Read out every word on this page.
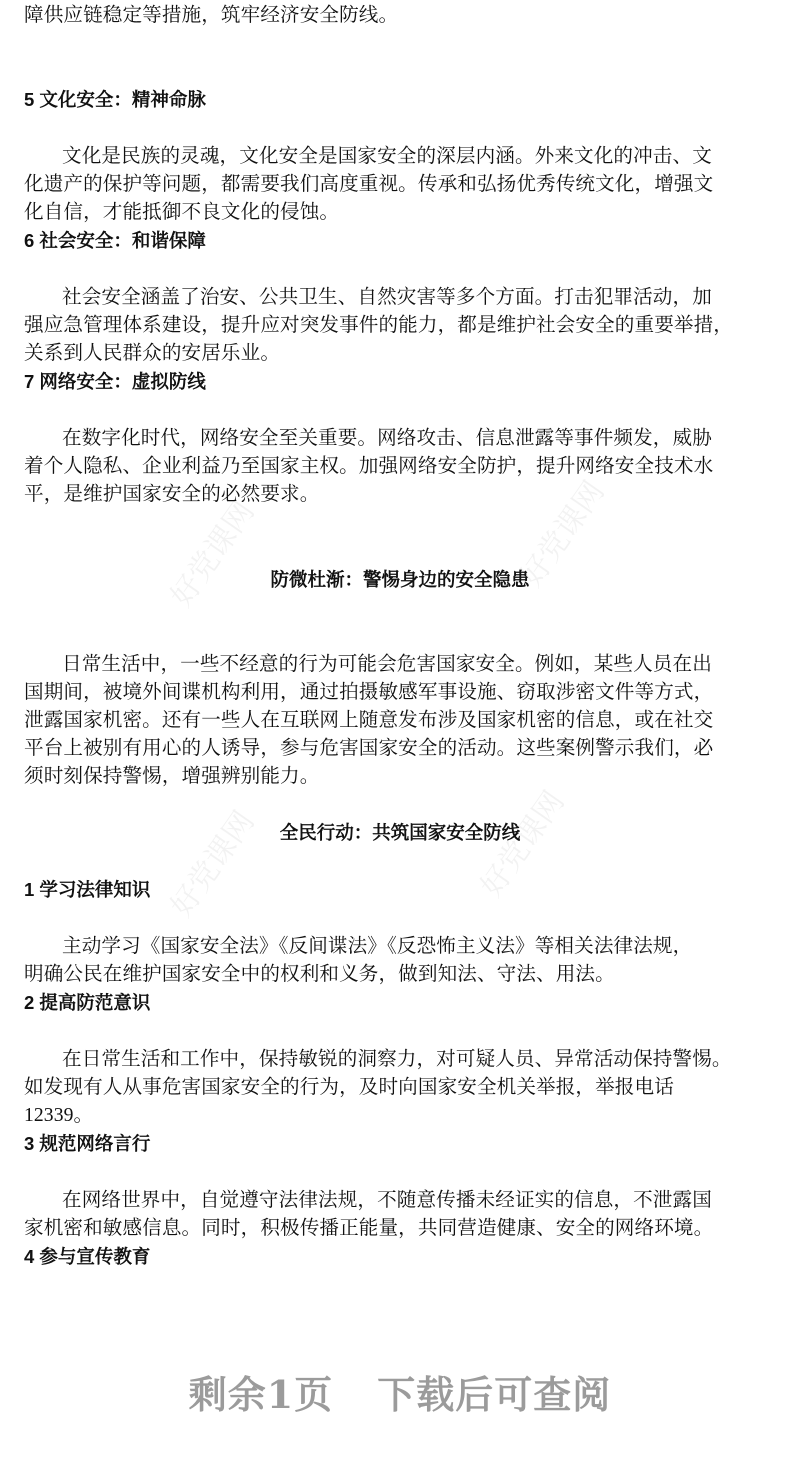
好党课网	好党课网
好党课网	好党课网
障供应链稳定等措施，筑牢经济安全防线。
5 文化安全：精神命脉
文化是民族的灵魂，文化安全是国家安全的深层内涵。外来文化的冲击、文
化遗产的保护等问题，都需要我们高度重视。传承和弘扬优秀传统文化，增强文
化自信，才能抵御不良文化的侵蚀。
6 社会安全：和谐保障
社会安全涵盖了治安、公共卫生、自然灾害等多个方面。打击犯罪活动，加
强应急管理体系建设，提升应对突发事件的能力，都是维护社会安全的重要举措，
关系到人民群众的安居乐业。
7 网络安全：虚拟防线
在数字化时代，网络安全至关重要。网络攻击、信息泄露等事件频发，威胁
着个人隐私、企业利益乃至国家主权。加强网络安全防护，提升网络安全技术水
平，是维护国家安全的必然要求。
防微杜渐：警惕身边的安全隐患
日常生活中，一些不经意的行为可能会危害国家安全。例如，某些人员在出
国期间，被境外间谍机构利用，通过拍摄敏感军事设施、窃取涉密文件等方式，
泄露国家机密。还有一些人在互联网上随意发布涉及国家机密的信息，或在社交
平台上被别有用心的人诱导，参与危害国家安全的活动。这些案例警示我们，必
须时刻保持警惕，增强辨别能力。
全民行动：共筑国家安全防线
1 学习法律知识
主动学习《国家安全法》《反间谍法》《反恐怖主义法》等相关法律法规，
明确公民在维护国家安全中的权利和义务，做到知法、守法、用法。
2 提高防范意识
在日常生活和工作中，保持敏锐的洞察力，对可疑人员、异常活动保持警惕。
如发现有人从事危害国家安全的行为，及时向国家安全机关举报，举报电话
12339。
3 规范网络言行
在网络世界中，自觉遵守法律法规，不随意传播未经证实的信息，不泄露国
家机密和敏感信息。同时，积极传播正能量，共同营造健康、安全的网络环境。
4 参与宣传教育
剩余1页 下载后可查阅
